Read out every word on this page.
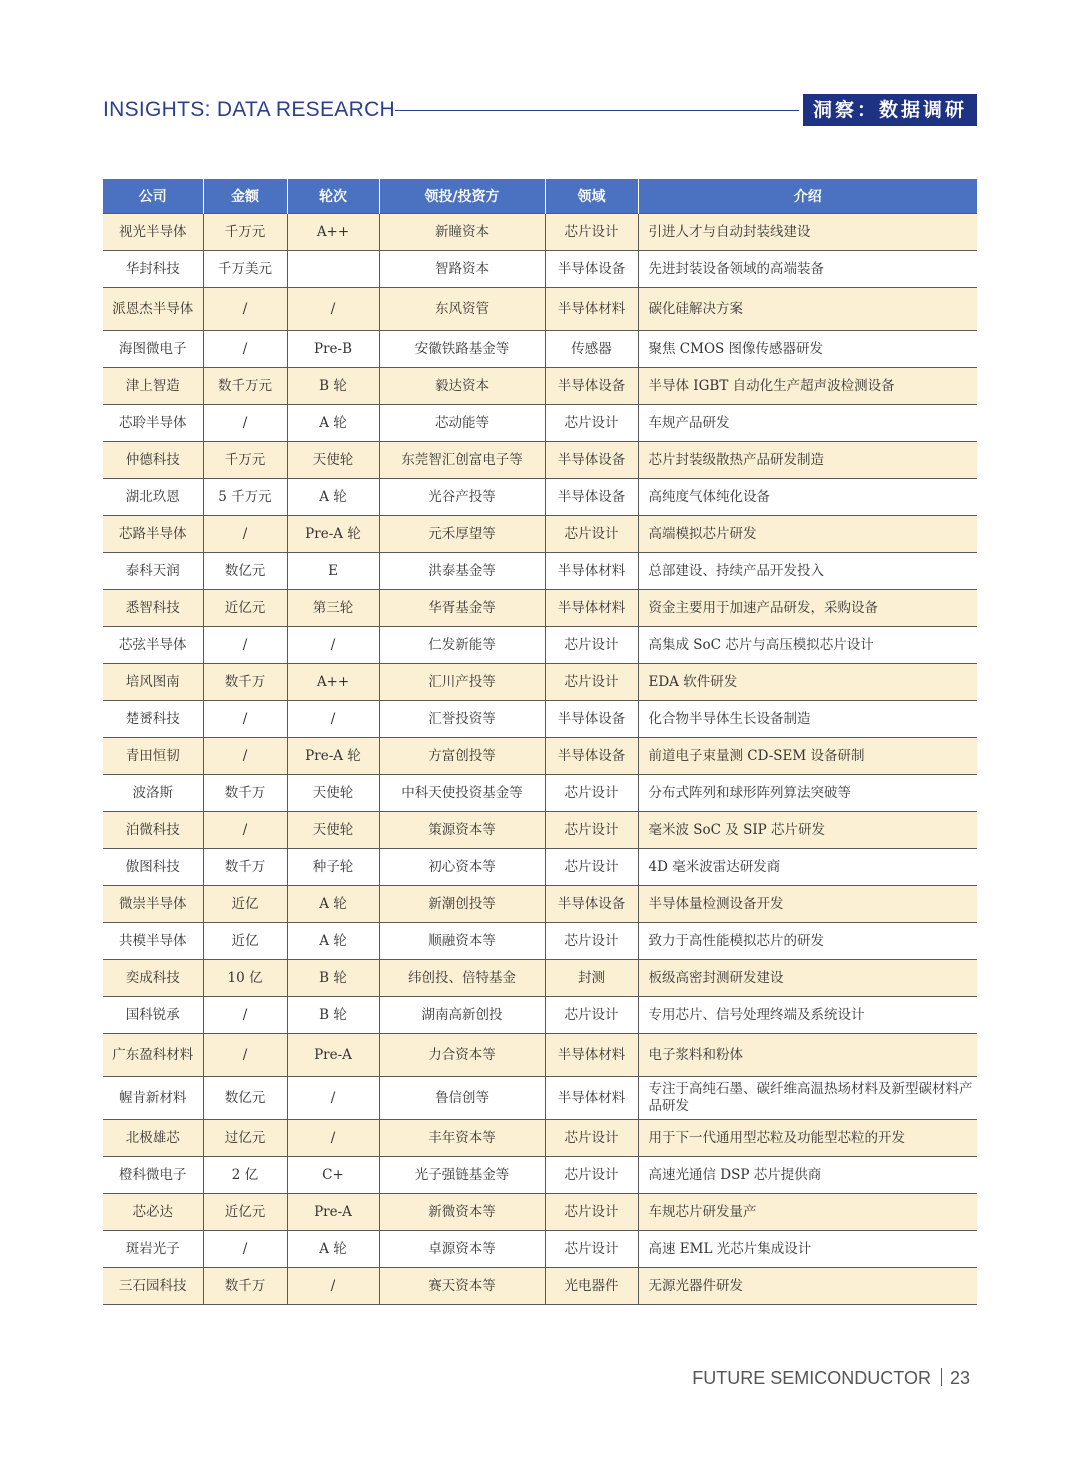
INSIGHTS: DATA RESEARCH	洞察：数据调研
公司	金额	轮次	领投/投资方	领域	介绍
视光半导体	千万元	A++	新瞳资本	芯片设计	引进人才与自动封装线建设
华封科技	千万美元		智路资本	半导体设备	先进封装设备领域的高端装备
派恩杰半导体	/	/	东风资管	半导体材料	碳化硅解决方案
海图微电子	/	Pre-B	安徽铁路基金等	传感器	聚焦 CMOS 图像传感器研发
津上智造	数千万元	B 轮	毅达资本	半导体设备	半导体 IGBT 自动化生产超声波检测设备
芯聆半导体	/	A 轮	芯动能等	芯片设计	车规产品研发
仲德科技	千万元	天使轮	东莞智汇创富电子等	半导体设备	芯片封装级散热产品研发制造
湖北玖恩	5 千万元	A 轮	光谷产投等	半导体设备	高纯度气体纯化设备
芯路半导体	/	Pre-A 轮	元禾厚望等	芯片设计	高端模拟芯片研发
泰科天润	数亿元	E	洪泰基金等	半导体材料	总部建设、持续产品开发投入
悉智科技	近亿元	第三轮	华胥基金等	半导体材料	资金主要用于加速产品研发，采购设备
芯弦半导体	/	/	仁发新能等	芯片设计	高集成 SoC 芯片与高压模拟芯片设计
培风图南	数千万	A++	汇川产投等	芯片设计	EDA 软件研发
楚赟科技	/	/	汇誉投资等	半导体设备	化合物半导体生长设备制造
青田恒韧	/	Pre-A 轮	方富创投等	半导体设备	前道电子束量测 CD-SEM 设备研制
波洛斯	数千万	天使轮	中科天使投资基金等	芯片设计	分布式阵列和球形阵列算法突破等
泊微科技	/	天使轮	策源资本等	芯片设计	毫米波 SoC 及 SIP 芯片研发
傲图科技	数千万	种子轮	初心资本等	芯片设计	4D 毫米波雷达研发商
微崇半导体	近亿	A 轮	新潮创投等	半导体设备	半导体量检测设备开发
共模半导体	近亿	A 轮	顺融资本等	芯片设计	致力于高性能模拟芯片的研发
奕成科技	10 亿	B 轮	纬创投、倍特基金	封测	板级高密封测研发建设
国科锐承	/	B 轮	湖南高新创投	芯片设计	专用芯片、信号处理终端及系统设计
广东盈科材料	/	Pre-A	力合资本等	半导体材料	电子浆料和粉体
幄肯新材料	数亿元	/	鲁信创等	半导体材料	专注于高纯石墨、碳纤维高温热场材料及新型碳材料产品研发
北极雄芯	过亿元	/	丰年资本等	芯片设计	用于下一代通用型芯粒及功能型芯粒的开发
橙科微电子	2 亿	C+	光子强链基金等	芯片设计	高速光通信 DSP 芯片提供商
芯必达	近亿元	Pre-A	新微资本等	芯片设计	车规芯片研发量产
斑岩光子	/	A 轮	卓源资本等	芯片设计	高速 EML 光芯片集成设计
三石园科技	数千万	/	赛天资本等	光电器件	无源光器件研发
FUTURE SEMICONDUCTOR 23
